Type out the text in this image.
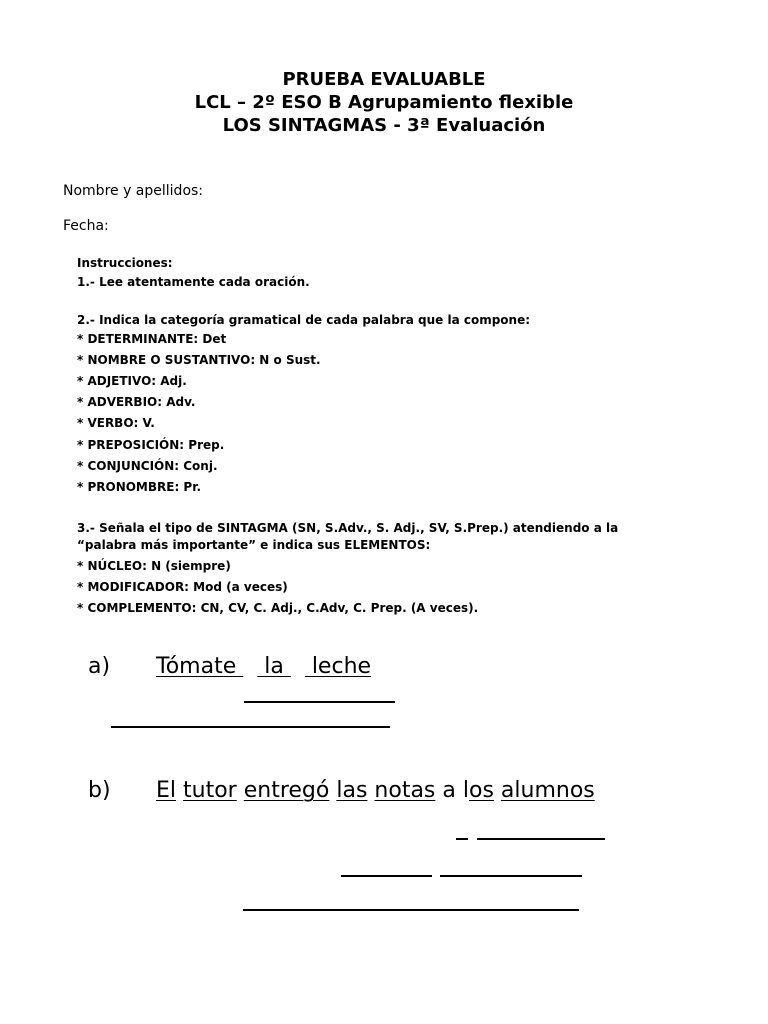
PRUEBA EVALUABLE
LCL – 2º ESO B Agrupamiento flexible
LOS SINTAGMAS - 3ª Evaluación
Nombre y apellidos:
Fecha:
Instrucciones:
1.- Lee atentamente cada oración.
2.- Indica la categoría gramatical de cada palabra que la compone:
* DETERMINANTE: Det
* NOMBRE O SUSTANTIVO: N o Sust.
* ADJETIVO: Adj.
* ADVERBIO: Adv.
* VERBO: V.
* PREPOSICIÓN: Prep.
* CONJUNCIÓN: Conj.
* PRONOMBRE: Pr.
3.- Señala el tipo de SINTAGMA (SN, S.Adv., S. Adj., SV, S.Prep.) atendiendo a la
“palabra más importante” e indica sus ELEMENTOS:
* NÚCLEO: N (siempre)
* MODIFICADOR: Mod (a veces)
* COMPLEMENTO: CN, CV, C. Adj., C.Adv, C. Prep. (A veces).
a) Tómate    la    leche
b) El tutor entregó las notas a los alumnos
